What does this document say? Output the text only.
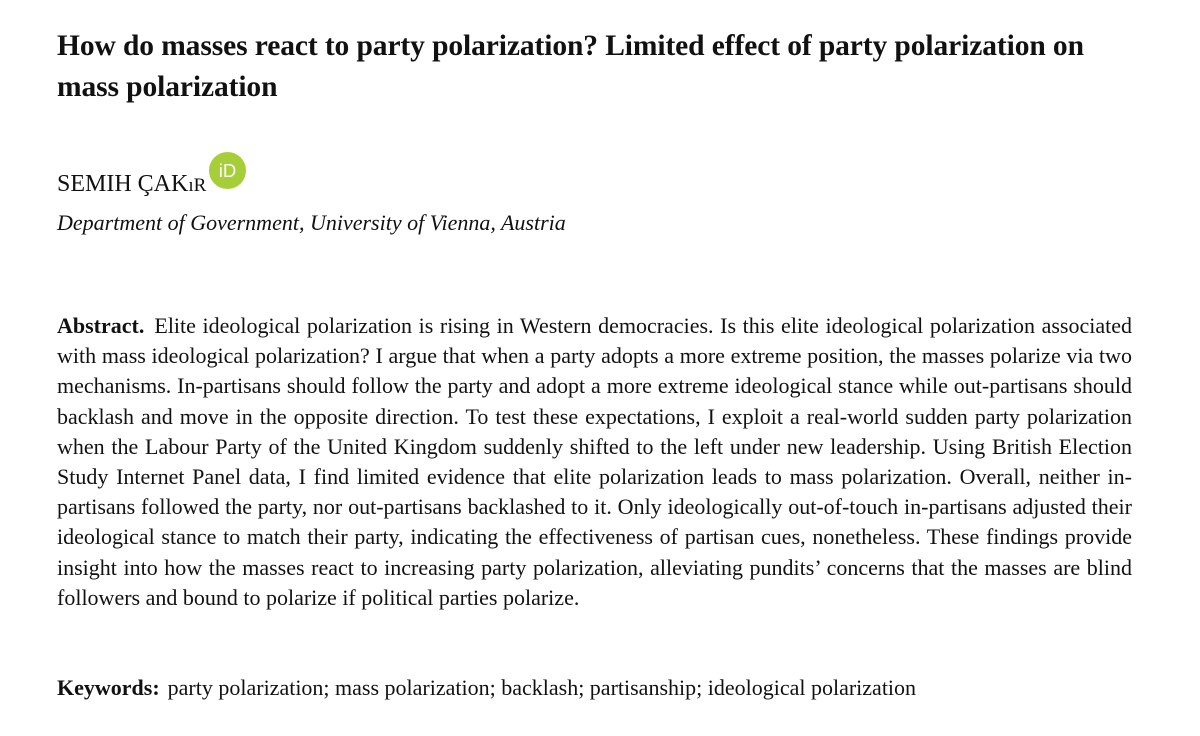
How do masses react to party polarization? Limited effect of party polarization on mass polarization
SEMIH ÇAKıR
iD
Department of Government, University of Vienna, Austria

Abstract. Elite ideological polarization is rising in Western democracies. Is this elite ideological polarization associated with mass ideological polarization? I argue that when a party adopts a more extreme position, the masses polarize via two mechanisms. In-partisans should follow the party and adopt a more extreme ideological stance while out-partisans should backlash and move in the opposite direction. To test these expectations, I exploit a real-world sudden party polarization when the Labour Party of the United Kingdom suddenly shifted to the left under new leadership. Using British Election Study Internet Panel data, I find limited evidence that elite polarization leads to mass polarization. Overall, neither in-partisans followed the party, nor out-partisans backlashed to it. Only ideologically out-of-touch in-partisans adjusted their ideological stance to match their party, indicating the effectiveness of partisan cues, nonetheless. These findings provide insight into how the masses react to increasing party polarization, alleviating pundits’ concerns that the masses are blind followers and bound to polarize if political parties polarize.

Keywords: party polarization; mass polarization; backlash; partisanship; ideological polarization
